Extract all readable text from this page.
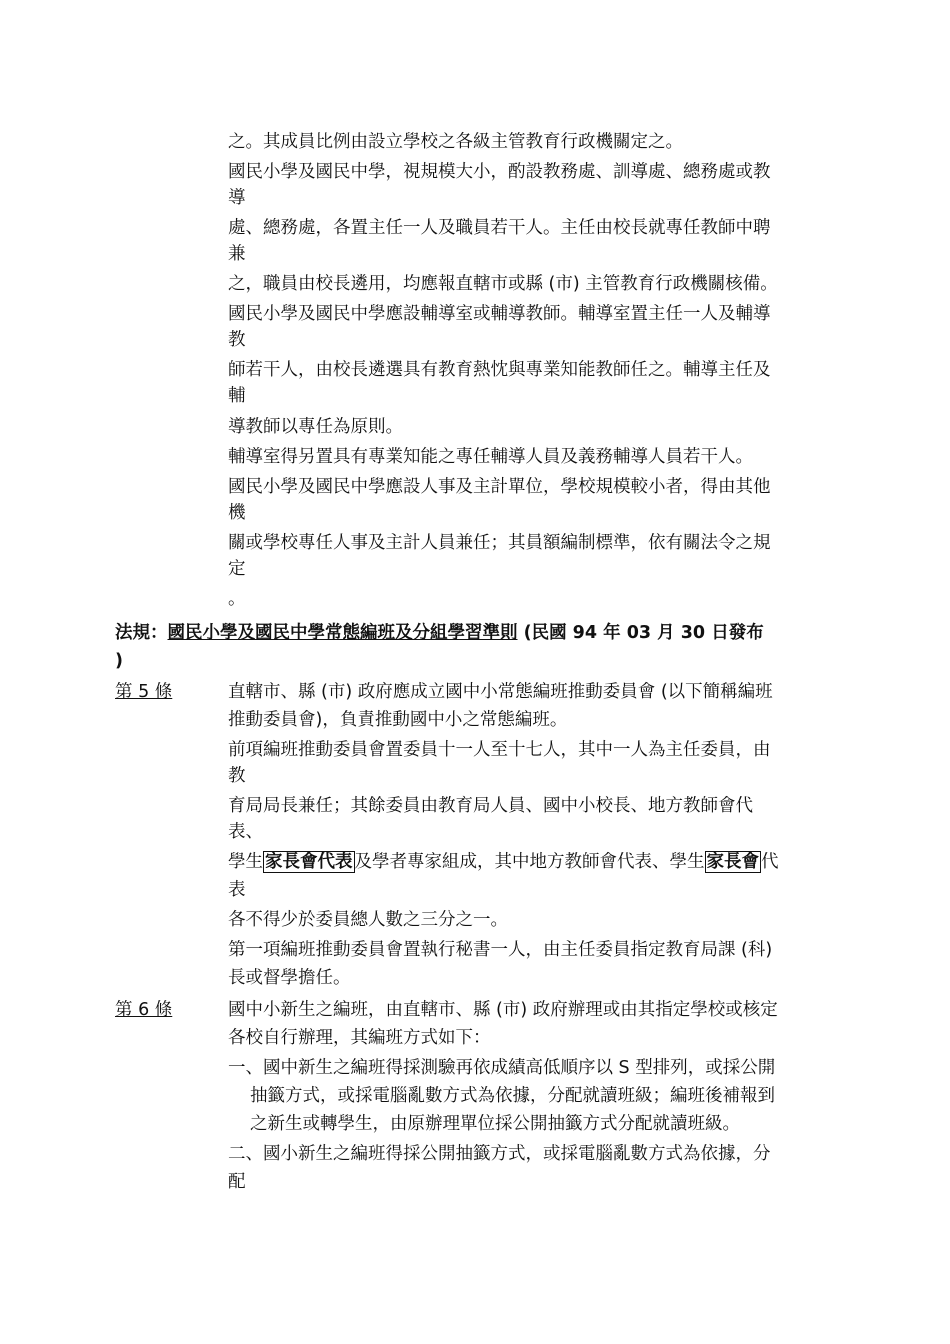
之。其成員比例由設立學校之各級主管教育行政機關定之。
國民小學及國民中學，視規模大小，酌設教務處、訓導處、總務處或教
導
處、總務處，各置主任一人及職員若干人。主任由校長就專任教師中聘
兼
之，職員由校長遴用，均應報直轄市或縣 (市) 主管教育行政機關核備。
國民小學及國民中學應設輔導室或輔導教師。輔導室置主任一人及輔導
教
師若干人，由校長遴選具有教育熱忱與專業知能教師任之。輔導主任及
輔
導教師以專任為原則。
輔導室得另置具有專業知能之專任輔導人員及義務輔導人員若干人。
國民小學及國民中學應設人事及主計單位，學校規模較小者，得由其他
機
關或學校專任人事及主計人員兼任；其員額編制標準，依有關法令之規
定
。
法規：國民小學及國民中學常態編班及分組學習準則 (民國 94 年 03 月 30 日發布
)
第 5 條	直轄市、縣 (市) 政府應成立國中小常態編班推動委員會 (以下簡稱編班
推動委員會)，負責推動國中小之常態編班。
前項編班推動委員會置委員十一人至十七人，其中一人為主任委員，由
教
育局局長兼任；其餘委員由教育局人員、國中小校長、地方教師會代
表、
學生 家長會代表 及學者專家組成，其中地方教師會代表、學生 家長會 代
表
各不得少於委員總人數之三分之一。
第一項編班推動委員會置執行秘書一人，由主任委員指定教育局課 (科)
長或督學擔任。
第 6 條	國中小新生之編班，由直轄市、縣 (市) 政府辦理或由其指定學校或核定
各校自行辦理，其編班方式如下：
一、國中新生之編班得採測驗再依成績高低順序以 S 型排列，或採公開
抽籤方式，或採電腦亂數方式為依據，分配就讀班級；編班後補報到
之新生或轉學生，由原辦理單位採公開抽籤方式分配就讀班級。
二、國小新生之編班得採公開抽籤方式，或採電腦亂數方式為依據，分
配
